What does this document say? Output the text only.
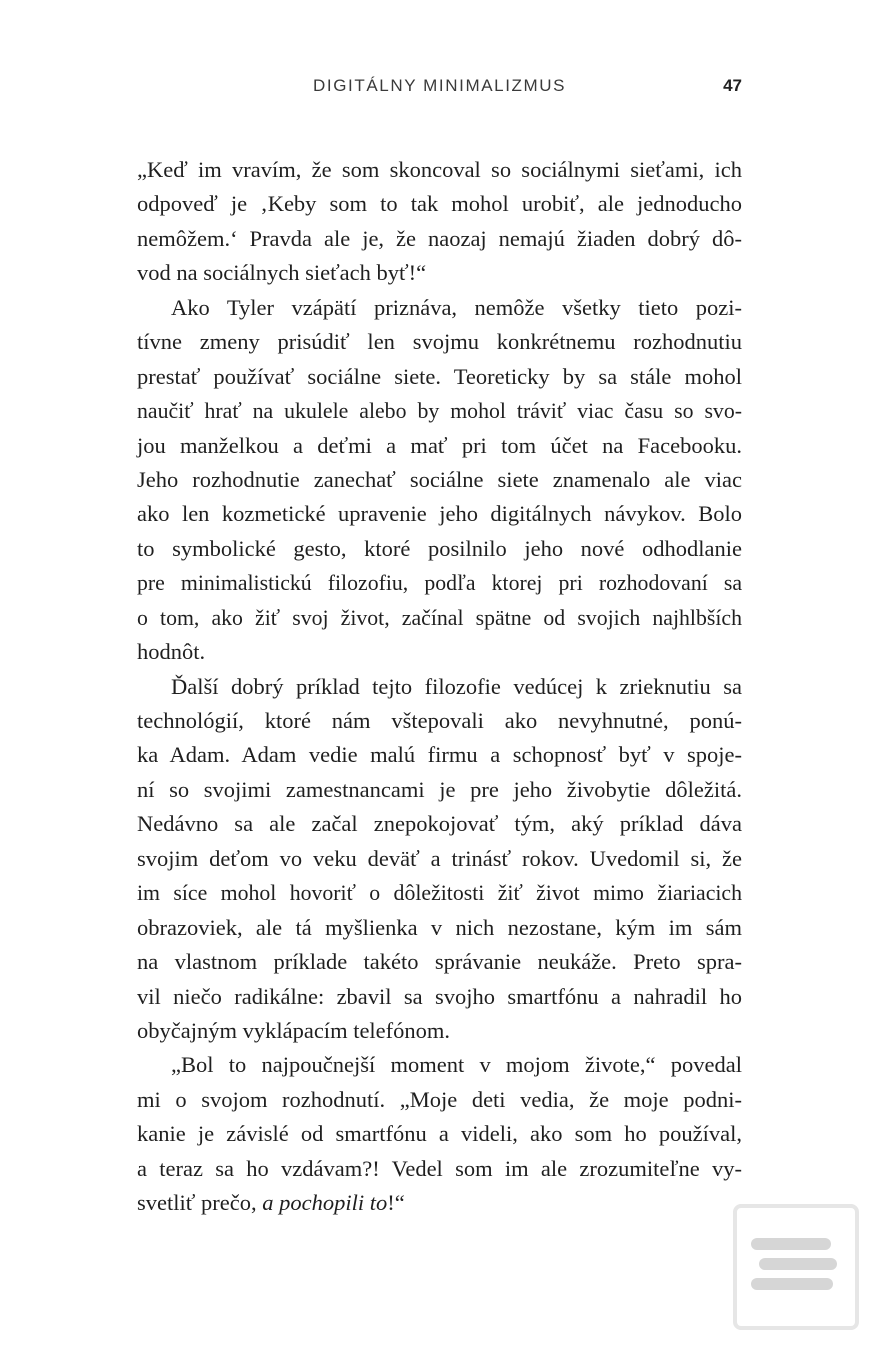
DIGITÁLNY MINIMALIZMUS	47
„Keď im vravím, že som skoncoval so sociálnymi sieťami, ich
odpoveď je ‚Keby som to tak mohol urobiť, ale jednoducho
nemôžem.‘ Pravda ale je, že naozaj nemajú žiaden dobrý dô-
vod na sociálnych sieťach byť!“
Ako Tyler vzápätí priznáva, nemôže všetky tieto pozi-
tívne zmeny prisúdiť len svojmu konkrétnemu rozhodnutiu
prestať používať sociálne siete. Teoreticky by sa stále mohol
naučiť hrať na ukulele alebo by mohol tráviť viac času so svo-
jou manželkou a deťmi a mať pri tom účet na Facebooku.
Jeho rozhodnutie zanechať sociálne siete znamenalo ale viac
ako len kozmetické upravenie jeho digitálnych návykov. Bolo
to symbolické gesto, ktoré posilnilo jeho nové odhodlanie
pre minimalistickú filozofiu, podľa ktorej pri rozhodovaní sa
o tom, ako žiť svoj život, začínal spätne od svojich najhlbších
hodnôt.
Ďalší dobrý príklad tejto filozofie vedúcej k zrieknutiu sa
technológií, ktoré nám vštepovali ako nevyhnutné, ponú-
ka Adam. Adam vedie malú firmu a schopnosť byť v spoje-
ní so svojimi zamestnancami je pre jeho živobytie dôležitá.
Nedávno sa ale začal znepokojovať tým, aký príklad dáva
svojim deťom vo veku deväť a trinásť rokov. Uvedomil si, že
im síce mohol hovoriť o dôležitosti žiť život mimo žiariacich
obrazoviek, ale tá myšlienka v nich nezostane, kým im sám
na vlastnom príklade takéto správanie neukáže. Preto spra-
vil niečo radikálne: zbavil sa svojho smartfónu a nahradil ho
obyčajným vyklápacím telefónom.
„Bol to najpoučnejší moment v mojom živote,“ povedal
mi o svojom rozhodnutí. „Moje deti vedia, že moje podni-
kanie je závislé od smartfónu a videli, ako som ho používal,
a teraz sa ho vzdávam?! Vedel som im ale zrozumiteľne vy-
svetliť prečo, a pochopili to!“
